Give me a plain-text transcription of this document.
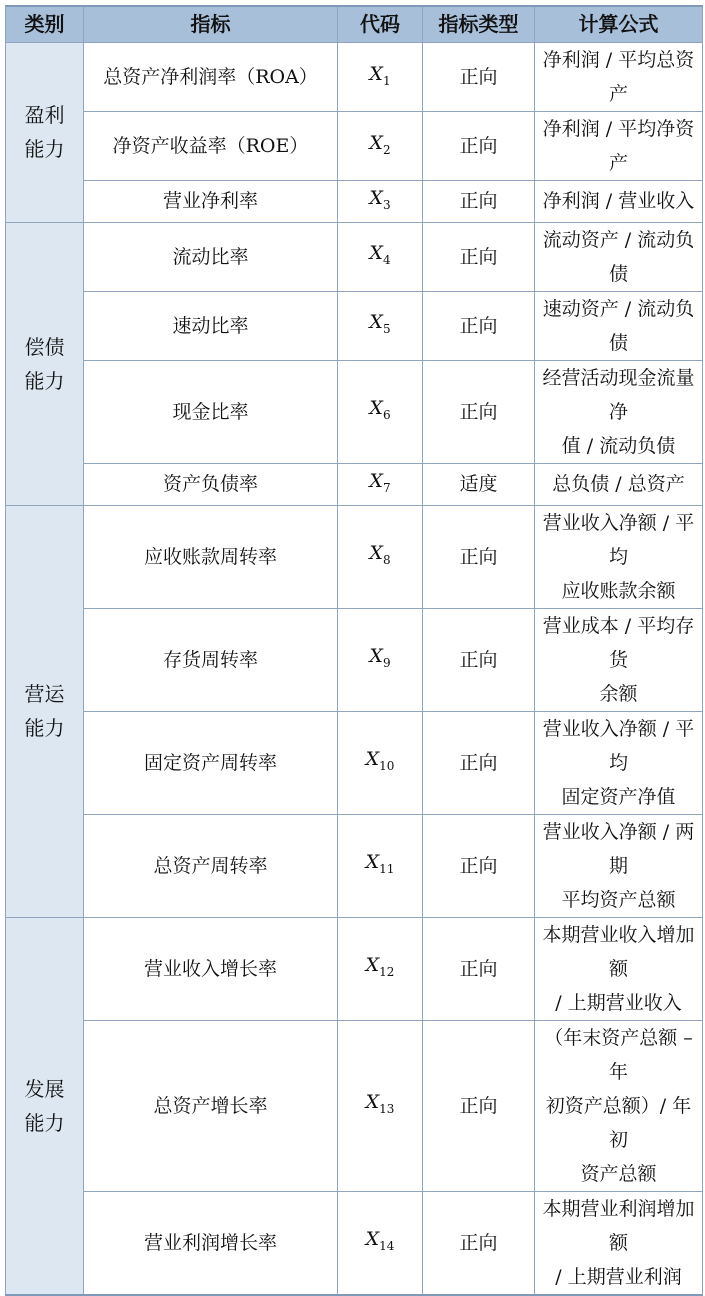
类别	指标	代码	指标类型	计算公式

盈利能力	总资产净利润率（ROA）	$X_1$	正向	净利润 / 平均总资产
	净资产收益率（ROE）	$X_2$	正向	净利润 / 平均净资产
	营业净利率	$X_3$	正向	净利润 / 营业收入

偿债能力	流动比率	$X_4$	正向	流动资产 / 流动负债
	速动比率	$X_5$	正向	速动资产 / 流动负债
	现金比率	$X_6$	正向	经营活动现金流量净
值 / 流动负债

	资产负债率	$X_7$	适度	总负债 / 总资产

营运能力	应收账款周转率	$X_8$	正向	营业收入净额 / 平均
应收账款余额

	存货周转率	$X_9$	正向	营业成本 / 平均存货
余额

	固定资产周转率	$X_{10}$	正向	营业收入净额 / 平均
固定资产净值

	总资产周转率	$X_{11}$	正向	营业收入净额 / 两期
平均资产总额

发展能力	营业收入增长率	$X_{12}$	正向	本期营业收入增加额
/ 上期营业收入

	总资产增长率	$X_{13}$	正向	（年末资产总额 – 年
初资产总额）/ 年初
资产总额

	营业利润增长率	$X_{14}$	正向	本期营业利润增加额
/ 上期营业利润
